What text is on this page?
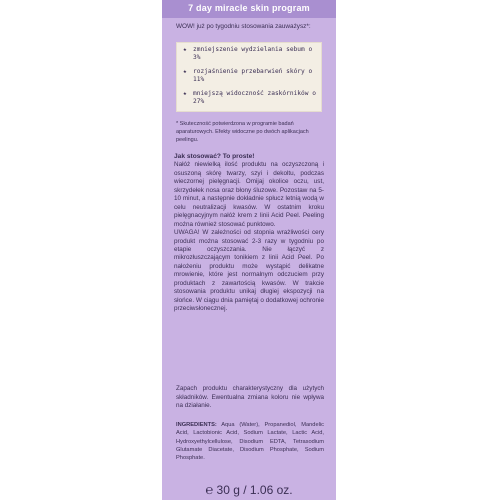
7 day miracle skin program
WOW! już po tygodniu stosowania zauważysz*:
★ zmniejszenie wydzielania sebum o 3%
★ rozjaśnienie przebarwień skóry o 11%
★ mniejszą widoczność zaskórników o 27%
* Skuteczność potwierdzona w programie badań aparaturowych. Efekty widoczne po dwóch aplikacjach peelingu.
Jak stosować? To proste!

Nałóż niewielką ilość produktu na oczyszczoną i osuszoną skórę twarzy, szyi i dekoltu, podczas wieczornej pielęgnacji. Omijaj okolice oczu, ust, skrzydełek nosa oraz błony śluzowe. Pozostaw na 5-10 minut, a następnie dokładnie spłucz letnią wodą w celu neutralizacji kwasów. W ostatnim kroku pielęgnacyjnym nałóż krem z linii Acid Peel. Peeling można również stosować punktowo.

UWAGA! W zależności od stopnia wrażliwości cery produkt można stosować 2-3 razy w tygodniu po etapie oczyszczania. Nie łączyć z mikrozłuszczającym tonikiem z linii Acid Peel. Po nałożeniu produktu może wystąpić delikatne mrowienie, które jest normalnym odczuciem przy produktach z zawartością kwasów. W trakcie stosowania produktu unikaj długiej ekspozycji na słońce. W ciągu dnia pamiętaj o dodatkowej ochronie przeciwsłonecznej.

Zapach produktu charakterystyczny dla użytych składników. Ewentualna zmiana koloru nie wpływa na działanie.
INGREDIENTS: Aqua (Water), Propanediol, Mandelic Acid, Lactobionic Acid, Sodium Lactate, Lactic Acid, Hydroxyethylcellulose, Disodium EDTA, Tetrasodium Glutamate Diacetate, Disodium Phosphate, Sodium Phosphate.
℮ 30 g / 1.06 oz.
